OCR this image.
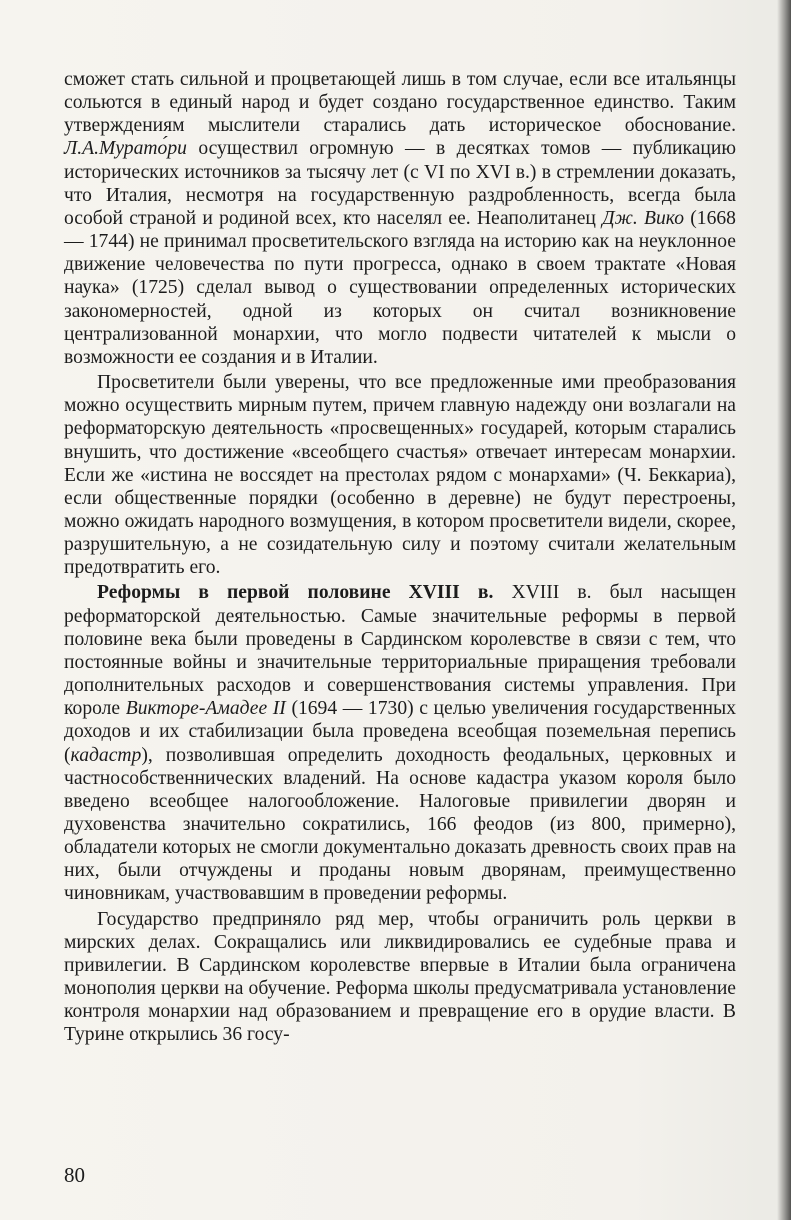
сможет стать сильной и процветающей лишь в том случае, если все итальянцы сольются в единый народ и будет создано государственное единство. Таким утверждениям мыслители старались дать историческое обоснование. Л.А.Мурато́ри осуществил огромную — в десятках томов — публикацию исторических источников за тысячу лет (с VI по XVI в.) в стремлении доказать, что Италия, несмотря на государственную раздробленность, всегда была особой страной и родиной всех, кто населял ее. Неаполитанец Дж. Вико (1668 — 1744) не принимал просветительского взгляда на историю как на неуклонное движение человечества по пути прогресса, однако в своем трактате «Новая наука» (1725) сделал вывод о существовании определенных исторических закономерностей, одной из которых он считал возникновение централизованной монархии, что могло подвести читателей к мысли о возможности ее создания и в Италии.

Просветители были уверены, что все предложенные ими преобразования можно осуществить мирным путем, причем главную надежду они возлагали на реформаторскую деятельность «просвещенных» государей, которым старались внушить, что достижение «всеобщего счастья» отвечает интересам монархии. Если же «истина не воссядет на престолах рядом с монархами» (Ч. Беккариа), если общественные порядки (особенно в деревне) не будут перестроены, можно ожидать народного возмущения, в котором просветители видели, скорее, разрушительную, а не созидательную силу и поэтому считали желательным предотвратить его.

Реформы в первой половине XVIII в. XVIII в. был насыщен реформаторской деятельностью. Самые значительные реформы в первой половине века были проведены в Сардинском королевстве в связи с тем, что постоянные войны и значительные территориальные приращения требовали дополнительных расходов и совершенствования системы управления. При короле Викторе-Амадее II (1694 — 1730) с целью увеличения государственных доходов и их стабилизации была проведена всеобщая поземельная перепись (кадастр), позволившая определить доходность феодальных, церковных и частнособственнических владений. На основе кадастра указом короля было введено всеобщее налогообложение. Налоговые привилегии дворян и духовенства значительно сократились, 166 феодов (из 800, примерно), обладатели которых не смогли документально доказать древность своих прав на них, были отчуждены и проданы новым дворянам, преимущественно чиновникам, участвовавшим в проведении реформы.

Государство предприняло ряд мер, чтобы ограничить роль церкви в мирских делах. Сокращались или ликвидировались ее судебные права и привилегии. В Сардинском королевстве впервые в Италии была ограничена монополия церкви на обучение. Реформа школы предусматривала установление контроля монархии над образованием и превращение его в орудие власти. В Турине открылись 36 госу-

80
